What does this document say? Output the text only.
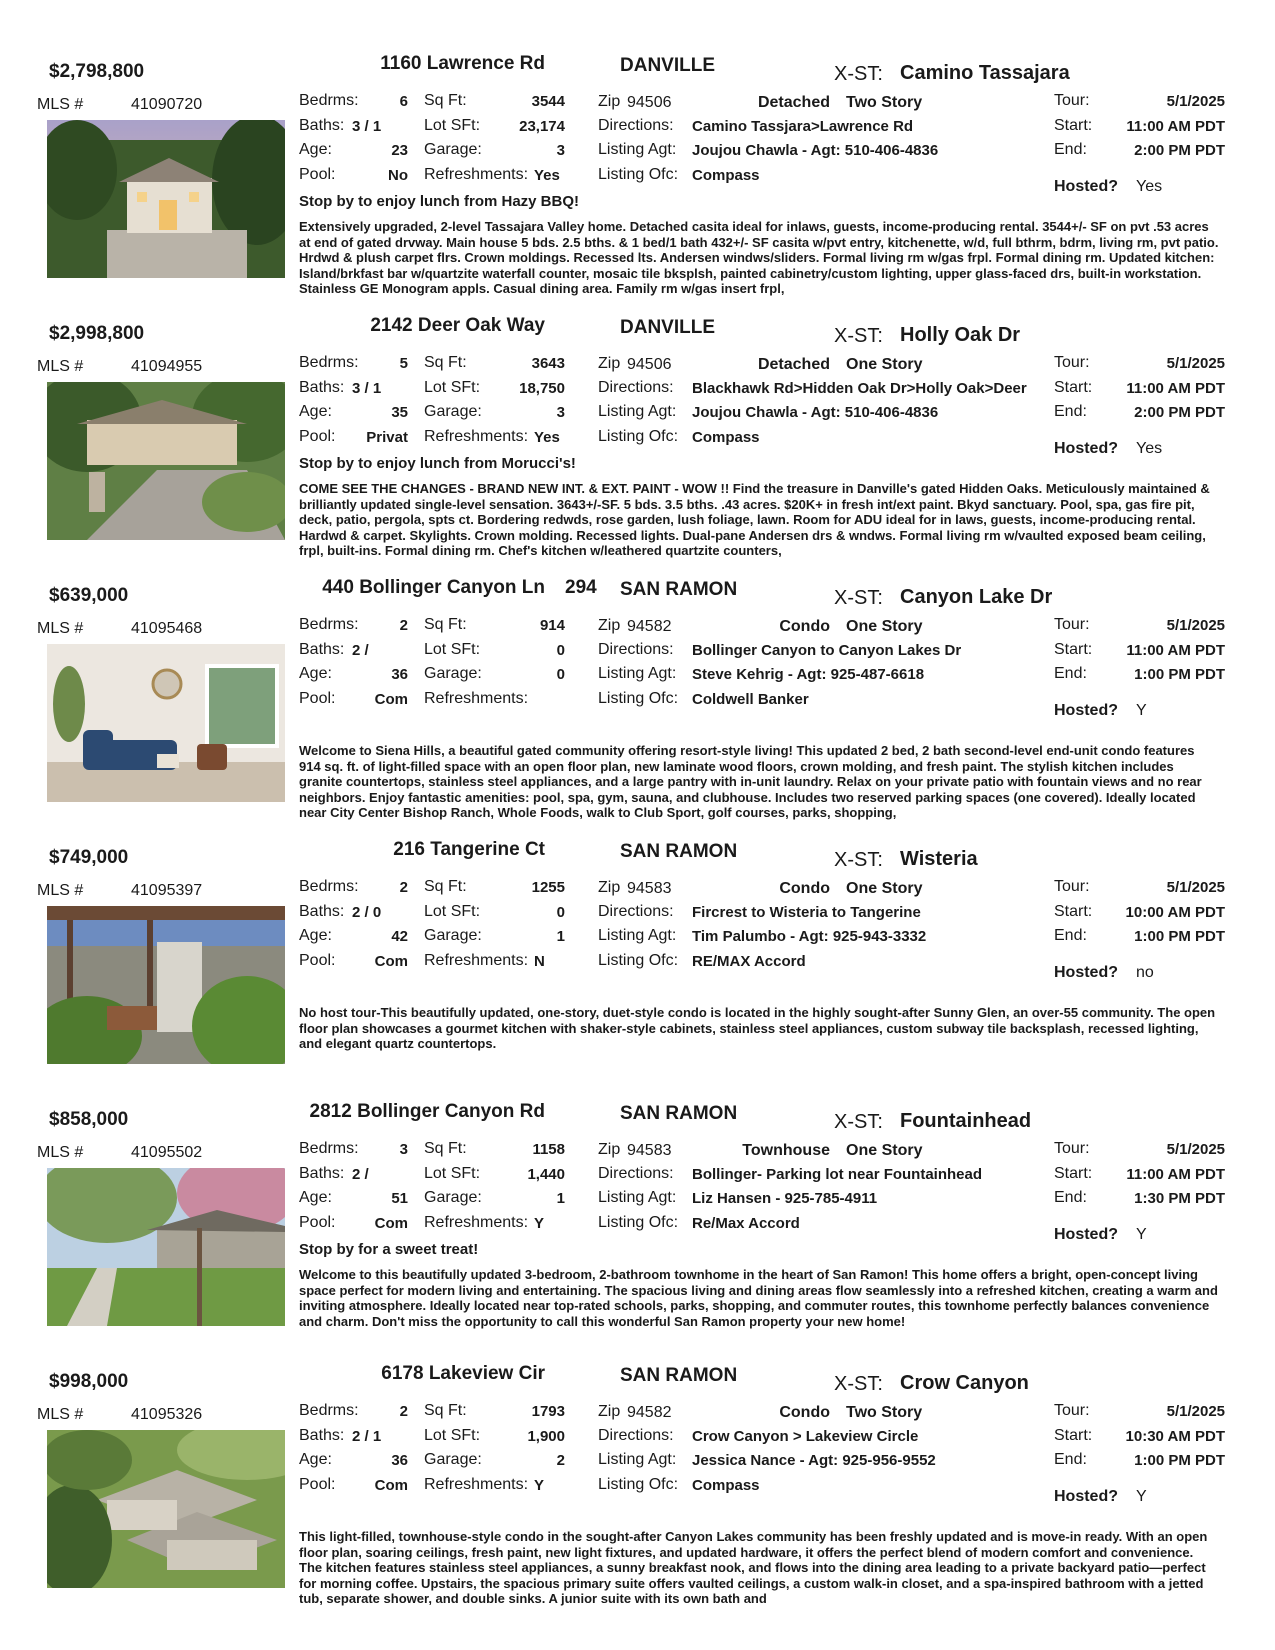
$2,798,800	1160 Lawrence Rd	DANVILLE	X-ST: Camino Tassajara
MLS #	41090720	Bedrms:	6
Baths: 3 / 1
Age:	23
Pool:	No
Sq Ft:	3544
Lot SFt:	23,174
Garage:	3
Refreshments: Yes
Zip 94506	Detached Two Story
Directions: Camino Tassjara>Lawrence Rd
Listing Agt: Joujou Chawla - Agt: 510-406-4836
Listing Ofc: Compass
Tour:	5/1/2025
Start:	11:00 AM PDT
End:	2:00 PM PDT
Hosted? Yes
Stop by to enjoy lunch from Hazy BBQ!
Extensively upgraded, 2-level Tassajara Valley home. Detached casita ideal for inlaws, guests, income-producing rental. 3544+/- SF on pvt .53 acres at end of gated drvway. Main house 5 bds. 2.5 bths. & 1 bed/1 bath 432+/- SF casita w/pvt entry, kitchenette, w/d, full bthrm, bdrm, living rm, pvt patio. Hrdwd & plush carpet flrs. Crown moldings. Recessed lts. Andersen windws/sliders. Formal living rm w/gas frpl. Formal dining rm. Updated kitchen: Island/brkfast bar w/quartzite waterfall counter, mosaic tile bksplsh, painted cabinetry/custom lighting, upper glass-faced drs, built-in workstation. Stainless GE Monogram appls. Casual dining area. Family rm w/gas insert frpl,
$2,998,800	2142 Deer Oak Way	DANVILLE	X-ST: Holly Oak Dr
MLS #	41094955	Bedrms:	5
Baths: 3 / 1
Age:	35
Pool:	Privat
Sq Ft:	3643
Lot SFt:	18,750
Garage:	3
Refreshments: Yes
Zip 94506	Detached One Story
Directions: Blackhawk Rd>Hidden Oak Dr>Holly Oak>Deer
Listing Agt: Joujou Chawla - Agt: 510-406-4836
Listing Ofc: Compass
Tour:	5/1/2025
Start:	11:00 AM PDT
End:	2:00 PM PDT
Hosted? Yes
Stop by to enjoy lunch from Morucci's!
COME SEE THE CHANGES - BRAND NEW INT. & EXT. PAINT - WOW !! Find the treasure in Danville's gated Hidden Oaks. Meticulously maintained & brilliantly updated single-level sensation. 3643+/-SF. 5 bds. 3.5 bths. .43 acres. $20K+ in fresh int/ext paint. Bkyd sanctuary. Pool, spa, gas fire pit, deck, patio, pergola, spts ct. Bordering redwds, rose garden, lush foliage, lawn. Room for ADU ideal for in laws, guests, income-producing rental. Hardwd & carpet. Skylights. Crown molding. Recessed lights. Dual-pane Andersen drs & wndws. Formal living rm w/vaulted exposed beam ceiling, frpl, built-ins. Formal dining rm. Chef's kitchen w/leathered quartzite counters,
$639,000	440 Bollinger Canyon Ln 294 SAN RAMON	X-ST: Canyon Lake Dr
MLS #	41095468	Bedrms:	2
Baths: 2 /
Age:	36
Pool:	Com
Sq Ft:	914
Lot SFt:	0
Garage:	0
Refreshments:
Zip 94582	Condo One Story
Directions: Bollinger Canyon to Canyon Lakes Dr
Listing Agt: Steve Kehrig - Agt: 925-487-6618
Listing Ofc: Coldwell Banker
Tour:	5/1/2025
Start:	11:00 AM PDT
End:	1:00 PM PDT
Hosted? Y
Welcome to Siena Hills, a beautiful gated community offering resort-style living! This updated 2 bed, 2 bath second-level end-unit condo features 914 sq. ft. of light-filled space with an open floor plan, new laminate wood floors, crown molding, and fresh paint. The stylish kitchen includes granite countertops, stainless steel appliances, and a large pantry with in-unit laundry. Relax on your private patio with fountain views and no rear neighbors. Enjoy fantastic amenities: pool, spa, gym, sauna, and clubhouse. Includes two reserved parking spaces (one covered). Ideally located near City Center Bishop Ranch, Whole Foods, walk to Club Sport, golf courses, parks, shopping,
$749,000	216 Tangerine Ct	SAN RAMON	X-ST: Wisteria
MLS #	41095397	Bedrms:	2
Baths: 2 / 0
Age:	42
Pool:	Com
Sq Ft:	1255
Lot SFt:	0
Garage:	1
Refreshments: N
Zip 94583	Condo One Story
Directions: Fircrest to Wisteria to Tangerine
Listing Agt: Tim Palumbo - Agt: 925-943-3332
Listing Ofc: RE/MAX Accord
Tour:	5/1/2025
Start:	10:00 AM PDT
End:	1:00 PM PDT
Hosted? no
No host tour-This beautifully updated, one-story, duet-style condo is located in the highly sought-after Sunny Glen, an over-55 community. The open floor plan showcases a gourmet kitchen with shaker-style cabinets, stainless steel appliances, custom subway tile backsplash, recessed lighting, and elegant quartz countertops.
$858,000	2812 Bollinger Canyon Rd	SAN RAMON	X-ST: Fountainhead
MLS #	41095502	Bedrms:	3
Baths: 2 /
Age:	51
Pool:	Com
Sq Ft:	1158
Lot SFt:	1,440
Garage:	1
Refreshments: Y
Zip 94583	Townhouse One Story
Directions: Bollinger- Parking lot near Fountainhead
Listing Agt: Liz Hansen - 925-785-4911
Listing Ofc: Re/Max Accord
Tour:	5/1/2025
Start:	11:00 AM PDT
End:	1:30 PM PDT
Hosted? Y
Stop by for a sweet treat!
Welcome to this beautifully updated 3-bedroom, 2-bathroom townhome in the heart of San Ramon! This home offers a bright, open-concept living space perfect for modern living and entertaining. The spacious living and dining areas flow seamlessly into a refreshed kitchen, creating a warm and inviting atmosphere. Ideally located near top-rated schools, parks, shopping, and commuter routes, this townhome perfectly balances convenience and charm. Don't miss the opportunity to call this wonderful San Ramon property your new home!
$998,000	6178 Lakeview Cir	SAN RAMON	X-ST: Crow Canyon
MLS #	41095326	Bedrms:	2
Baths: 2 / 1
Age:	36
Pool:	Com
Sq Ft:	1793
Lot SFt:	1,900
Garage:	2
Refreshments: Y
Zip 94582	Condo Two Story
Directions: Crow Canyon > Lakeview Circle
Listing Agt: Jessica Nance - Agt: 925-956-9552
Listing Ofc: Compass
Tour:	5/1/2025
Start:	10:30 AM PDT
End:	1:00 PM PDT
Hosted? Y
This light-filled, townhouse-style condo in the sought-after Canyon Lakes community has been freshly updated and is move-in ready. With an open floor plan, soaring ceilings, fresh paint, new light fixtures, and updated hardware, it offers the perfect blend of modern comfort and convenience. The kitchen features stainless steel appliances, a sunny breakfast nook, and flows into the dining area leading to a private backyard patio—perfect for morning coffee. Upstairs, the spacious primary suite offers vaulted ceilings, a custom walk-in closet, and a spa-inspired bathroom with a jetted tub, separate shower, and double sinks. A junior suite with its own bath and
